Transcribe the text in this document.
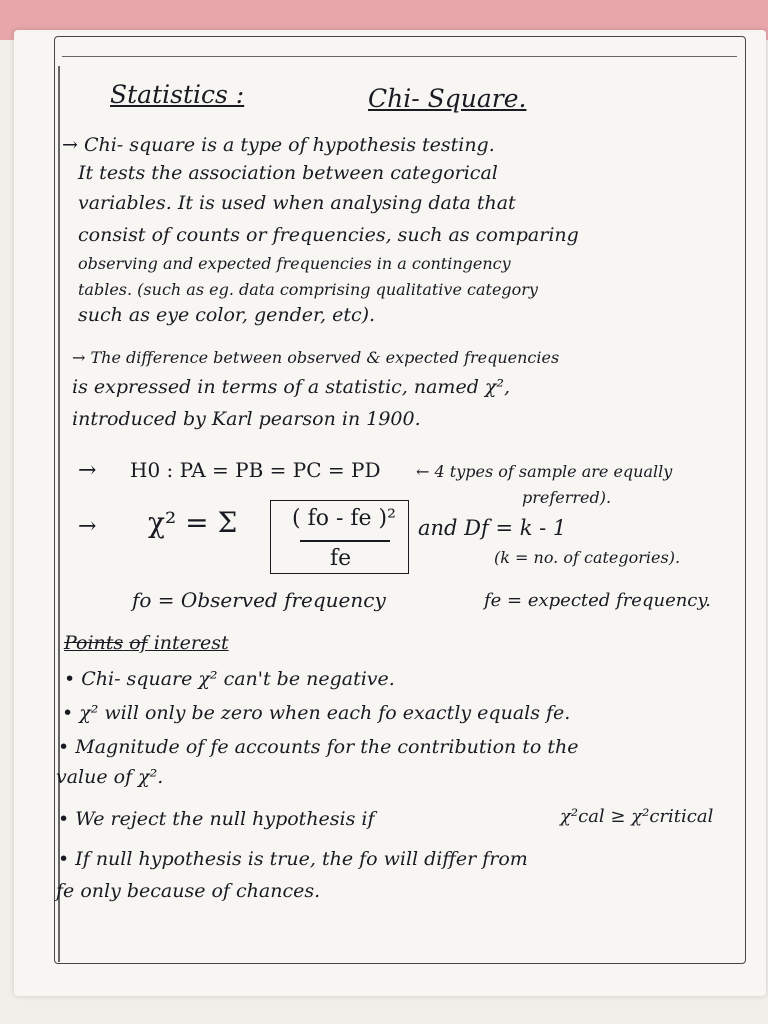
Statistics :	Chi- Square.
→ Chi- square is a type of hypothesis testing.
It tests the association between categorical
variables. It is used when analysing data that
consist of counts or frequencies, such as comparing
observing and expected frequencies in a contingency
tables. (such as eg. data comprising qualitative category
such as eye color, gender, etc).
→ The difference between observed & expected frequencies
is expressed in terms of a statistic, named χ²,
introduced by Karl pearson in 1900.
→ H0 : PA = PB = PC = PD ← 4 types of sample are equally
preferred).
→ χ² = Σ ( fo - fe )²
fe
and Df = k - 1
(k = no. of categories).
fo = Observed frequency	fe = expected frequency.
Points of interest
• Chi- square χ² can't be negative.
• χ² will only be zero when each fo exactly equals fe.
• Magnitude of fe accounts for the contribution to the
value of χ².
• We reject the null hypothesis if	χ²cal ≥ χ²critical
• If null hypothesis is true, the fo will differ from
fe only because of chances.
